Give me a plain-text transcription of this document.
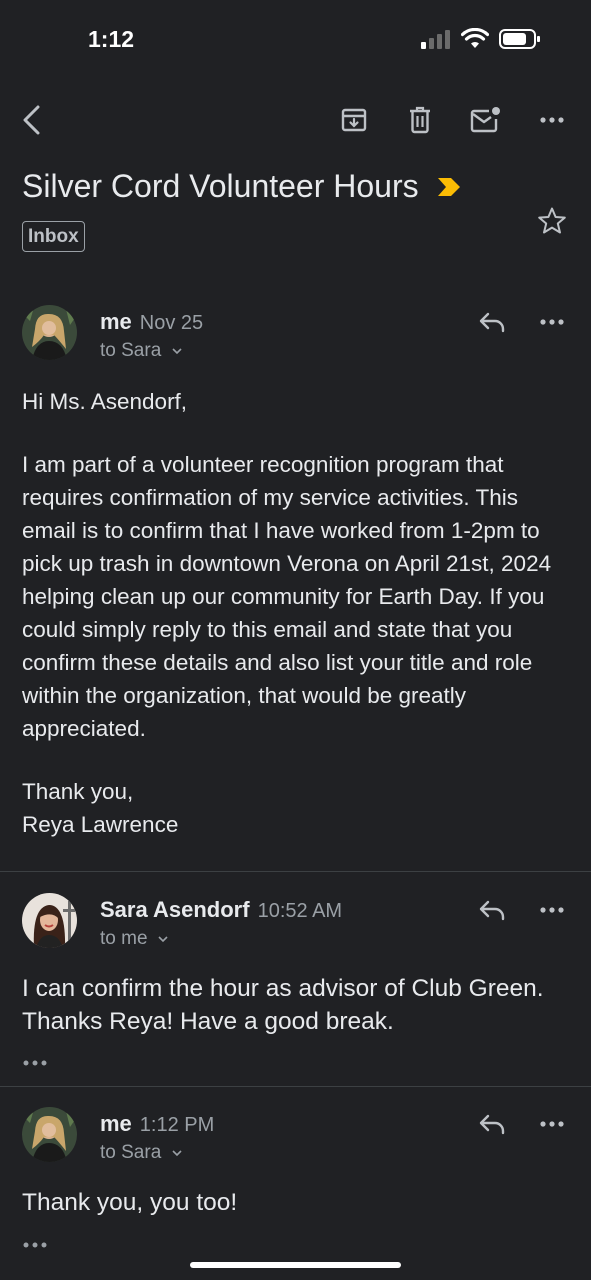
1:12
Silver Cord Volunteer Hours
Inbox
me Nov 25
to Sara

Hi Ms. Asendorf,

I am part of a volunteer recognition program that requires confirmation of my service activities. This email is to confirm that I have worked from 1-2pm to pick up trash in downtown Verona on April 21st, 2024 helping clean up our community for Earth Day. If you could simply reply to this email and state that you confirm these details and also list your title and role within the organization, that would be greatly appreciated.

Thank you,

Reya Lawrence

Sara Asendorf 10:52 AM
to me

I can confirm the hour as advisor of Club Green. Thanks Reya! Have a good break.

me 1:12 PM
to Sara

Thank you, you too!
